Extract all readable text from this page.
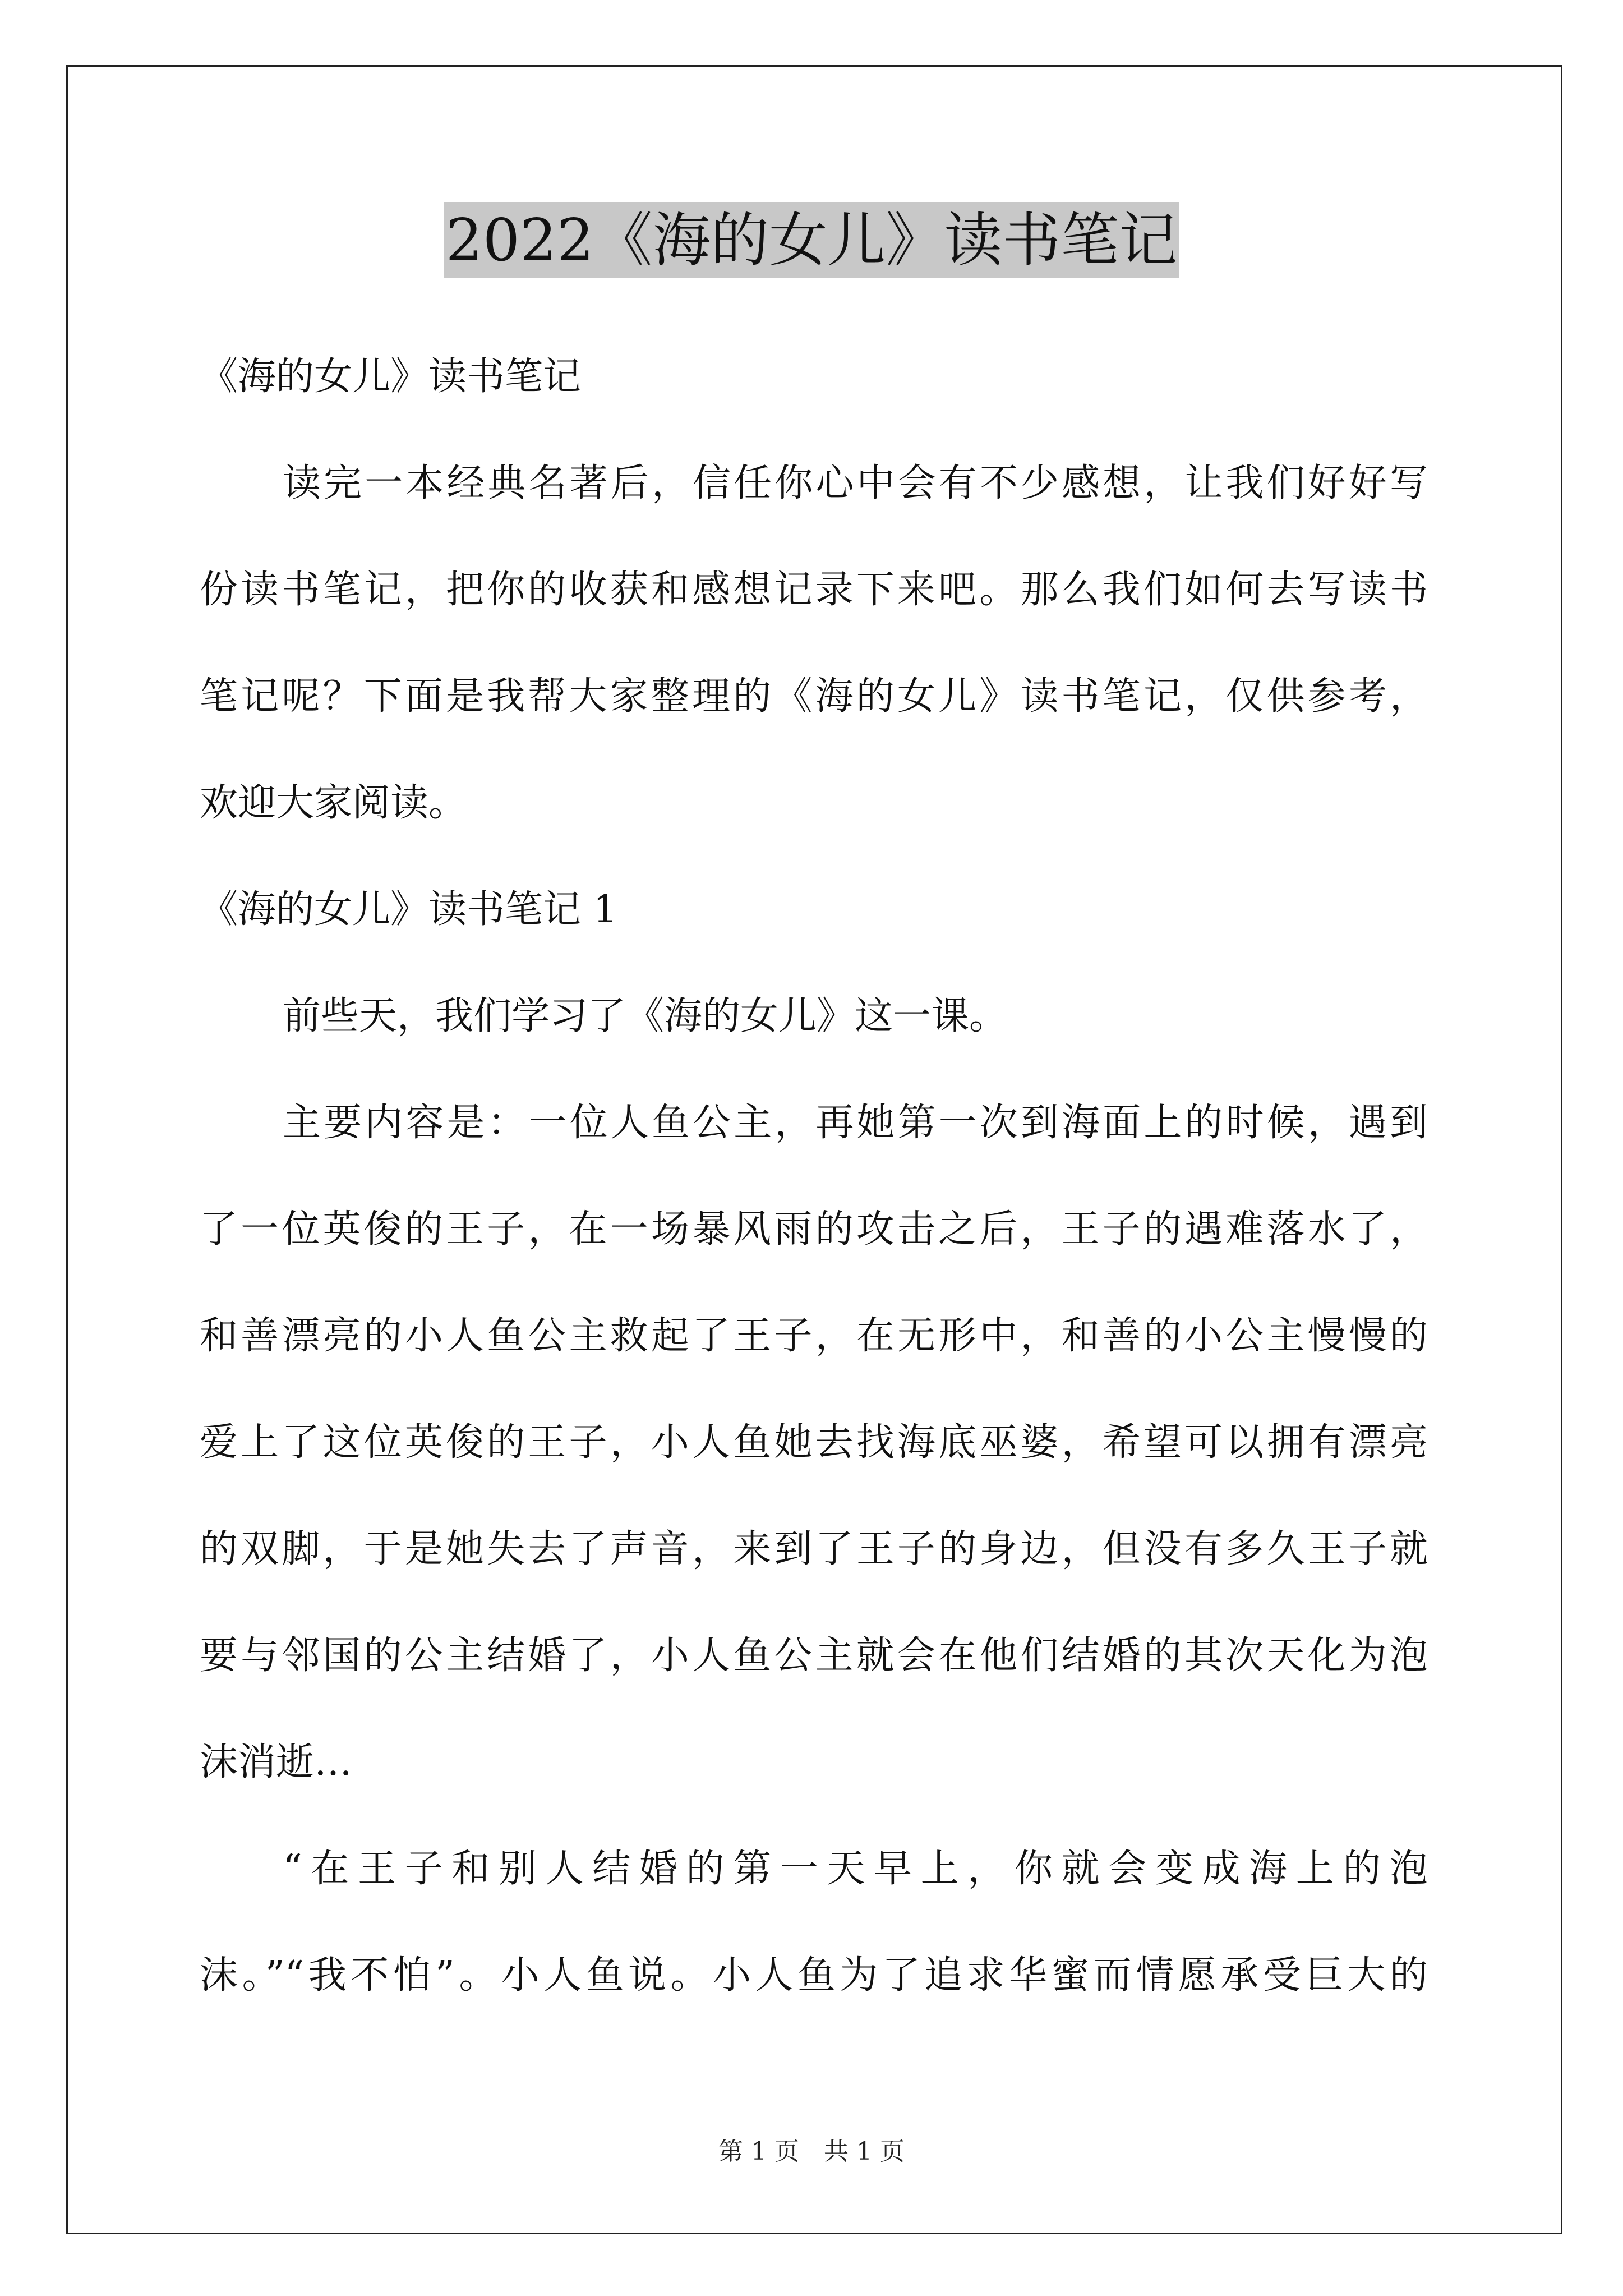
2022《海的女儿》读书笔记
《海的女儿》读书笔记
读完一本经典名著后，信任你心中会有不少感想，让我们好好写
份读书笔记，把你的收获和感想记录下来吧。那么我们如何去写读书
笔记呢？下面是我帮大家整理的《海的女儿》读书笔记，仅供参考，
欢迎大家阅读。
《海的女儿》读书笔记 1
前些天，我们学习了《海的女儿》这一课。
主要内容是：一位人鱼公主，再她第一次到海面上的时候，遇到
了一位英俊的王子，在一场暴风雨的攻击之后，王子的遇难落水了，
和善漂亮的小人鱼公主救起了王子，在无形中，和善的小公主慢慢的
爱上了这位英俊的王子，小人鱼她去找海底巫婆，希望可以拥有漂亮
的双脚，于是她失去了声音，来到了王子的身边，但没有多久王子就
要与邻国的公主结婚了，小人鱼公主就会在他们结婚的其次天化为泡
沫消逝…
“在王子和别人结婚的第一天早上，你就会变成海上的泡
沫。”“我不怕”。小人鱼说。小人鱼为了追求华蜜而情愿承受巨大的
第 1 页　共 1 页
